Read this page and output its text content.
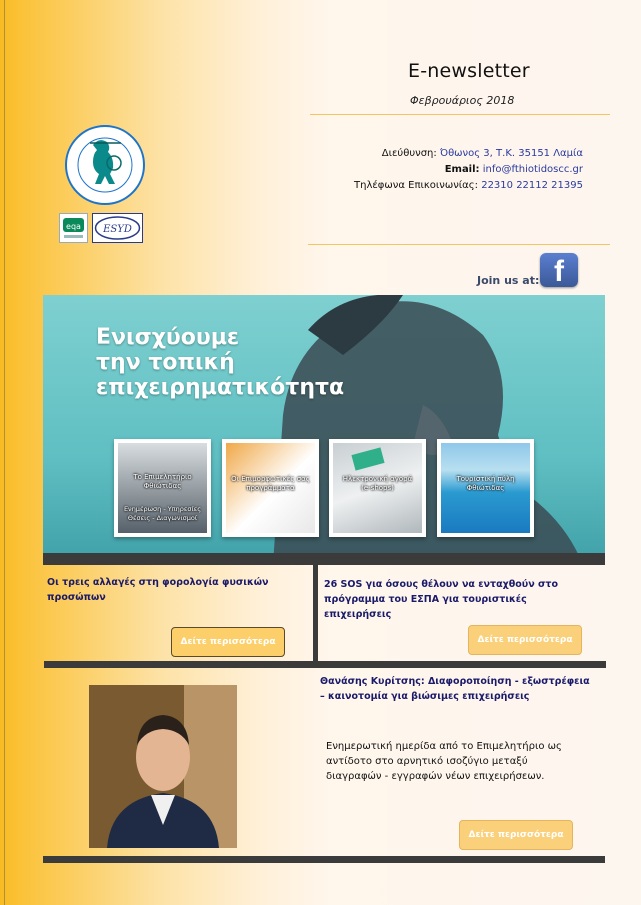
E-newsletter
Φεβρουάριος 2018
eqa ESYD
Διεύθυνση: Όθωνος 3, Τ.Κ. 35151 Λαμία
Email: info@fthiotidoscc.gr
Τηλέφωνα Επικοινωνίας: 22310 22112 21395
Join us at: f
Ενισχύουμε
την τοπική
επιχειρηματικότητα
Το Επιμελητήριο Φθιώτιδας
Ενημέρωση - Υπηρεσίες Θέσεις - Διαγωνισμοί
Οι Επιμορφωτικές σας προγράμματα
Ηλεκτρονική αγορά (e-shops)
Τουριστική πύλη Φθιώτιδας
Οι τρεις αλλαγές στη φορολογία φυσικών προσώπων
Δείτε περισσότερα
26 SOS για όσους θέλουν να ενταχθούν στο πρόγραμμα του ΕΣΠΑ για τουριστικές επιχειρήσεις
Δείτε περισσότερα
Θανάσης Κυρίτσης: Διαφοροποίηση - εξωστρέφεια – καινοτομία για βιώσιμες επιχειρήσεις
Ενημερωτική ημερίδα από το Επιμελητήριο ως αντίδοτο στο αρνητικό ισοζύγιο μεταξύ διαγραφών - εγγραφών νέων επιχειρήσεων.
Δείτε περισσότερα
